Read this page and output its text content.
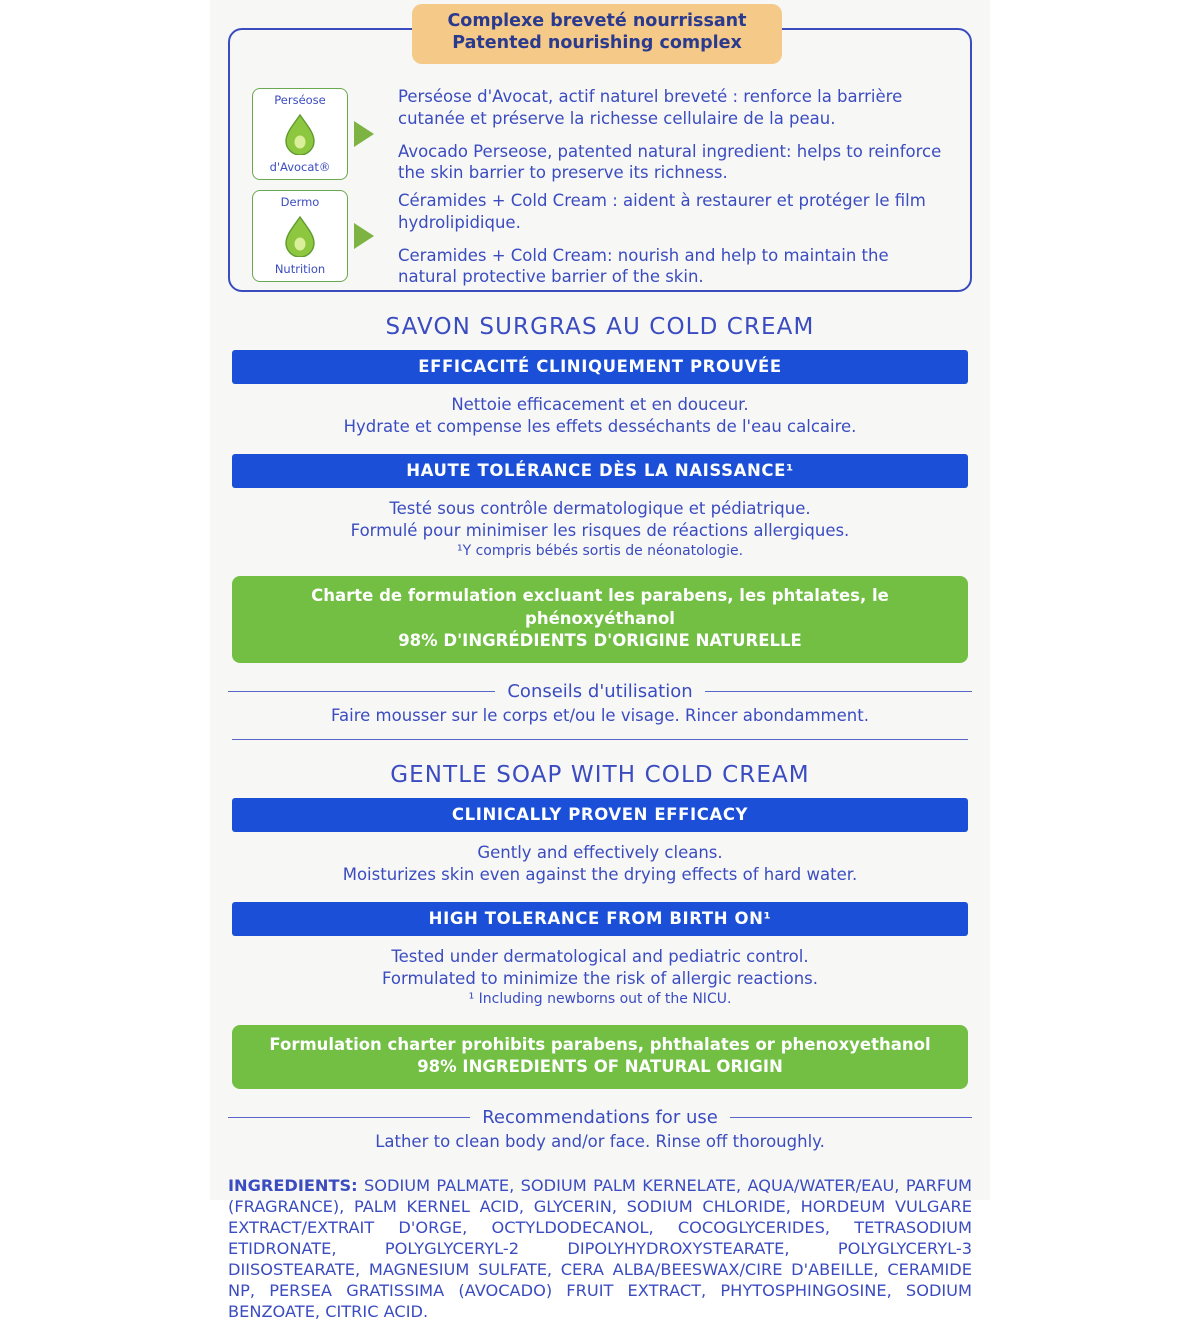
Complexe breveté nourrissant
Patented nourishing complex
Perséose
d'Avocat®

Perséose d'Avocat, actif naturel breveté : renforce la barrière cutanée et préserve la richesse cellulaire de la peau.

Avocado Perseose, patented natural ingredient: helps to reinforce the skin barrier to preserve its richness.

Dermo
Nutrition

Céramides + Cold Cream : aident à restaurer et protéger le film hydrolipidique.

Ceramides + Cold Cream: nourish and help to maintain the natural protective barrier of the skin.

SAVON SURGRAS AU COLD CREAM
EFFICACITÉ CLINIQUEMENT PROUVÉE
Nettoie efficacement et en douceur.
Hydrate et compense les effets desséchants de l'eau calcaire.
HAUTE TOLÉRANCE DÈS LA NAISSANCE¹
Testé sous contrôle dermatologique et pédiatrique.
Formulé pour minimiser les risques de réactions allergiques.
¹Y compris bébés sortis de néonatologie.
Charte de formulation excluant les parabens, les phtalates, le phénoxyéthanol
98% D'INGRÉDIENTS D'ORIGINE NATURELLE
Conseils d'utilisation
Faire mousser sur le corps et/ou le visage. Rincer abondamment.
GENTLE SOAP WITH COLD CREAM
CLINICALLY PROVEN EFFICACY
Gently and effectively cleans.
Moisturizes skin even against the drying effects of hard water.
HIGH TOLERANCE FROM BIRTH ON¹
Tested under dermatological and pediatric control.
Formulated to minimize the risk of allergic reactions.
¹ Including newborns out of the NICU.
Formulation charter prohibits parabens, phthalates or phenoxyethanol
98% INGREDIENTS OF NATURAL ORIGIN
Recommendations for use
Lather to clean body and/or face. Rinse off thoroughly.
INGREDIENTS: SODIUM PALMATE, SODIUM PALM KERNELATE, AQUA/WATER/EAU, PARFUM (FRAGRANCE), PALM KERNEL ACID, GLYCERIN, SODIUM CHLORIDE, HORDEUM VULGARE EXTRACT/EXTRAIT D'ORGE, OCTYLDODECANOL, COCOGLYCERIDES, TETRASODIUM ETIDRONATE, POLYGLYCERYL-2 DIPOLYHYDROXYSTEARATE, POLYGLYCERYL-3 DIISOSTEARATE, MAGNESIUM SULFATE, CERA ALBA/BEESWAX/CIRE D'ABEILLE, CERAMIDE NP, PERSEA GRATISSIMA (AVOCADO) FRUIT EXTRACT, PHYTOSPHINGOSINE, SODIUM BENZOATE, CITRIC ACID.
